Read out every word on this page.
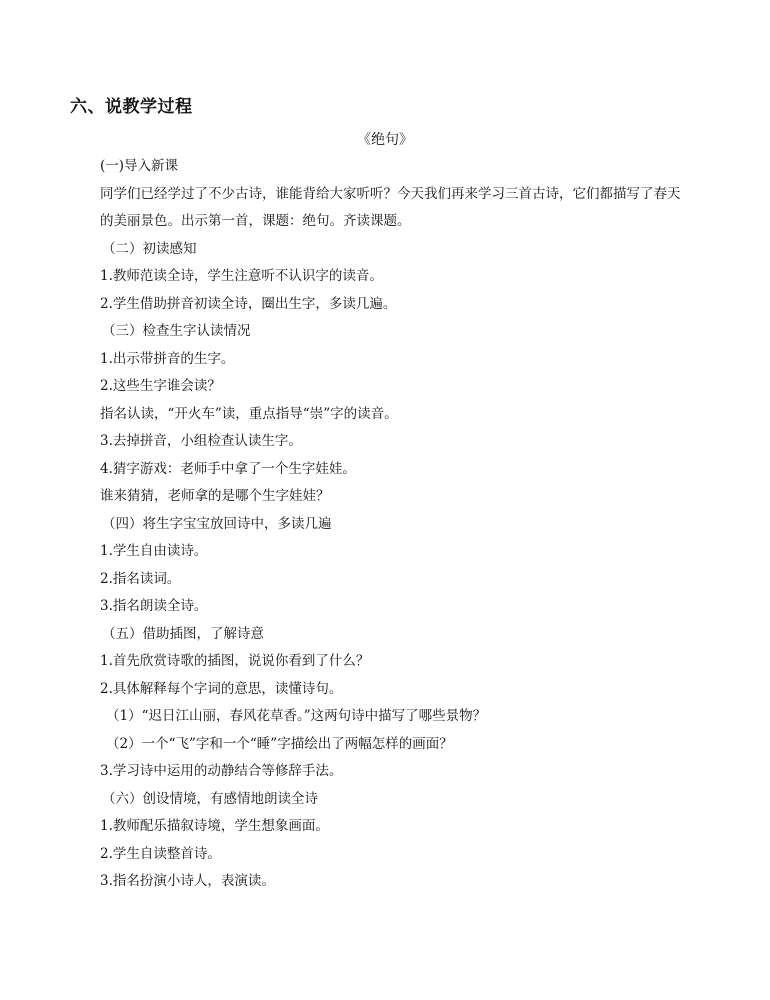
六、说教学过程
《绝句》
(一)导入新课
同学们已经学过了不少古诗，谁能背给大家听听？今天我们再来学习三首古诗，它们都描写了春天的美丽景色。出示第一首，课题：绝句。齐读课题。
（二）初读感知
1.教师范读全诗，学生注意听不认识字的读音。
2.学生借助拼音初读全诗，圈出生字，多读几遍。
（三）检查生字认读情况
1.出示带拼音的生字。
2.这些生字谁会读？
指名认读，“开火车”读，重点指导“崇”字的读音。
3.去掉拼音，小组检查认读生字。
4.猜字游戏：老师手中拿了一个生字娃娃。
谁来猜猜，老师拿的是哪个生字娃娃？
（四）将生字宝宝放回诗中，多读几遍
1.学生自由读诗。
2.指名读词。
3.指名朗读全诗。
（五）借助插图，了解诗意
1.首先欣赏诗歌的插图，说说你看到了什么？
2.具体解释每个字词的意思，读懂诗句。
（1）“迟日江山丽，春风花草香。”这两句诗中描写了哪些景物？
（2）一个“飞”字和一个“睡”字描绘出了两幅怎样的画面？
3.学习诗中运用的动静结合等修辞手法。
（六）创设情境，有感情地朗读全诗
1.教师配乐描叙诗境，学生想象画面。
2.学生自读整首诗。
3.指名扮演小诗人，表演读。
